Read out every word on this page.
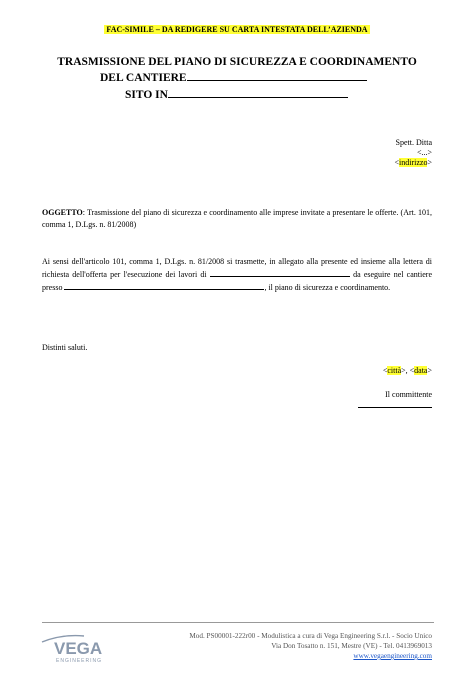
FAC-SIMILE – DA REDIGERE SU CARTA INTESTATA DELL’AZIENDA
TRASMISSIONE DEL PIANO DI SICUREZZA E COORDINAMENTO
DEL CANTIERE
SITO IN
Spett. Ditta
<...>
<indirizzo>
OGGETTO: Trasmissione del piano di sicurezza e coordinamento alle imprese invitate a presentare le offerte. (Art. 101, comma 1, D.Lgs. n. 81/2008)
Ai sensi dell'articolo 101, comma 1, D.Lgs. n. 81/2008 si trasmette, in allegato alla presente ed insieme alla lettera di richiesta dell'offerta per l'esecuzione dei lavori di	da eseguire nel cantiere presso	, il piano di sicurezza e coordinamento.
Distinti saluti.
<città>, <data>
Il committente
VEGA
ENGINEERING
Mod. PS00001-222r00 - Modulistica a cura di Vega Engineering S.r.l. - Socio Unico
Via Don Tosatto n. 151, Mestre (VE) - Tel. 0413969013
www.vegaengineering.com
